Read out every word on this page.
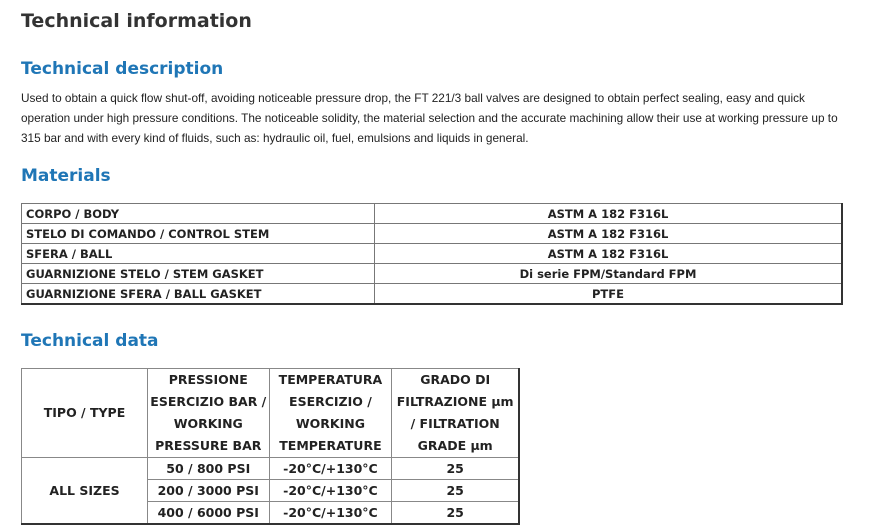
Technical information
Technical description

Used to obtain a quick flow shut-off, avoiding noticeable pressure drop, the FT 221/3 ball valves are designed to obtain perfect sealing, easy and quick operation under high pressure conditions. The noticeable solidity, the material selection and the accurate machining allow their use at working pressure up to 315 bar and with every kind of fluids, such as: hydraulic oil, fuel, emulsions and liquids in general.

Materials
CORPO / BODY	ASTM A 182 F316L
STELO DI COMANDO / CONTROL STEM	ASTM A 182 F316L
SFERA / BALL	ASTM A 182 F316L
GUARNIZIONE STELO / STEM GASKET	Di serie FPM/Standard FPM
GUARNIZIONE SFERA / BALL GASKET	PTFE
Technical data
TIPO / TYPE	PRESSIONE ESERCIZIO BAR / WORKING PRESSURE BAR	TEMPERATURA ESERCIZIO / WORKING TEMPERATURE	GRADO DI FILTRAZIONE µm / FILTRATION GRADE µm
ALL SIZES	50 / 800 PSI	-20°C/+130°C	25
	200 / 3000 PSI	-20°C/+130°C	25
	400 / 6000 PSI	-20°C/+130°C	25
